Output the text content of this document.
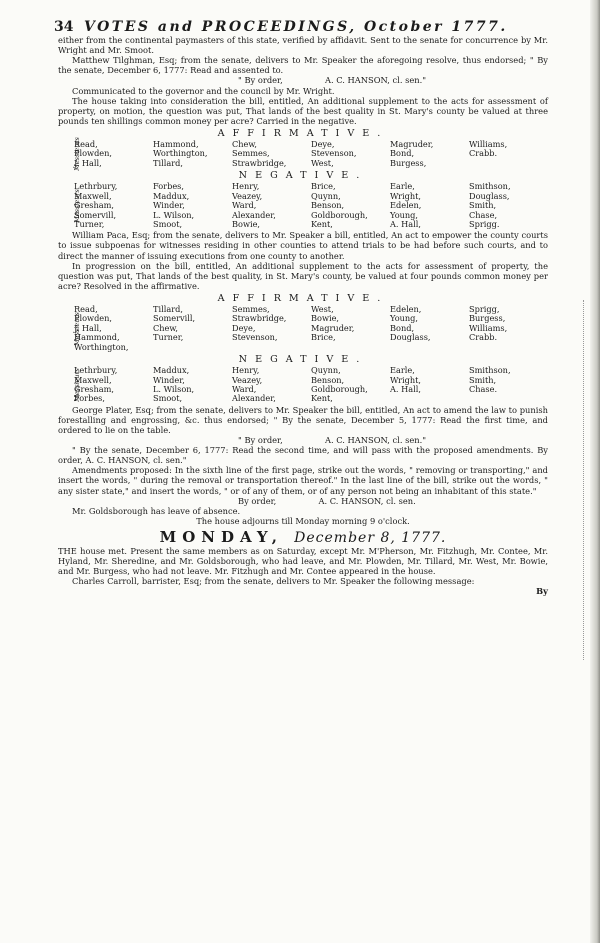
34 VOTES and PROCEEDINGS, October 1777.

either from the continental paymasters of this state, verified by affidavit. Sent to the senate for concurrence by Mr. Wright and Mr. Smoot.

Matthew Tilghman, Esq; from the senate, delivers to Mr. Speaker the aforegoing resolve, thus endorsed; " By the senate, December 6, 1777: Read and assented to.

" By order,                A. C. HANSON, cl. sen."

Communicated to the governor and the council by Mr. Wright.

The house taking into consideration the bill, entitled, An additional supplement to the acts for assessment of property, on motion, the question was put, That lands of the best quality in St. Mary's county be valued at three pounds ten shillings common money per acre? Carried in the negative.

AFFIRMATIVE.
Messieurs
Read,	Hammond,	Chew,	Deye,	Magruder,	Williams,
Plowden,	Worthington,	Semmes,	Stevenson,	Bond,	Crabb.
J. Hall,	Tillard,	Strawbridge,	West,	Burgess,	
NEGATIVE.
Messieurs
Lethrbury,	Forbes,	Henry,	Brice,	Earle,	Smithson,
Maxwell,	Maddux,	Veazey,	Quynn,	Wright,	Douglass,
Gresham,	Winder,	Ward,	Benson,	Edelen,	Smith,
Somervill,	L. Wilson,	Alexander,	Goldborough,	Young,	Chase,
Turner,	Smoot,	Bowie,	Kent,	A. Hall,	Sprigg.

William Paca, Esq; from the senate, delivers to Mr. Speaker a bill, entitled, An act to empower the county courts to issue subpoenas for witnesses residing in other counties to attend trials to be had before such courts, and to direct the manner of issuing executions from one county to another.

In progression on the bill, entitled, An additional supplement to the acts for assessment of property, the question was put, That lands of the best quality, in St. Mary's county, be valued at four pounds common money per acre? Resolved in the affirmative.

AFFIRMATIVE.
Messieurs
Read,	Tillard,	Semmes,	West,	Edelen,	Sprigg,
Plowden,	Somervill,	Strawbridge,	Bowie,	Young,	Burgess,
J. Hall,	Chew,	Deye,	Magruder,	Bond,	Williams,
Hammond,	Turner,	Stevenson,	Brice,	Douglass,	Crabb.
Worthington,					
NEGATIVE.
Messieurs
Lethrbury,	Maddux,	Henry,	Quynn,	Earle,	Smithson,
Maxwell,	Winder,	Veazey,	Benson,	Wright,	Smith,
Gresham,	L. Wilson,	Ward,	Goldborough,	A. Hall,	Chase.
Forbes,	Smoot,	Alexander,	Kent,		

George Plater, Esq; from the senate, delivers to Mr. Speaker the bill, entitled, An act to amend the law to punish forestalling and engrossing, &c. thus endorsed; " By the senate, December 5, 1777: Read the first time, and ordered to lie on the table.

" By order,                A. C. HANSON, cl. sen."

" By the senate, December 6, 1777: Read the second time, and will pass with the proposed amendments. By order, A. C. HANSON, cl. sen."

Amendments proposed: In the sixth line of the first page, strike out the words, " removing or transporting," and insert the words, " during the removal or transportation thereof." In the last line of the bill, strike out the words, " any sister state," and insert the words, " or of any of them, or of any person not being an inhabitant of this state."

By order,                A. C. HANSON, cl. sen.

Mr. Goldsborough has leave of absence.

The house adjourns till Monday morning 9 o'clock.

MONDAY, December 8, 1777.

THE house met. Present the same members as on Saturday, except Mr. M'Pherson, Mr. Fitzhugh, Mr. Contee, Mr. Hyland, Mr. Sheredine, and Mr. Goldsborough, who had leave, and Mr. Plowden, Mr. Tillard, Mr. West, Mr. Bowie, and Mr. Burgess, who had not leave. Mr. Fitzhugh and Mr. Contee appeared in the house.

Charles Carroll, barrister, Esq; from the senate, delivers to Mr. Speaker the following message:

By
